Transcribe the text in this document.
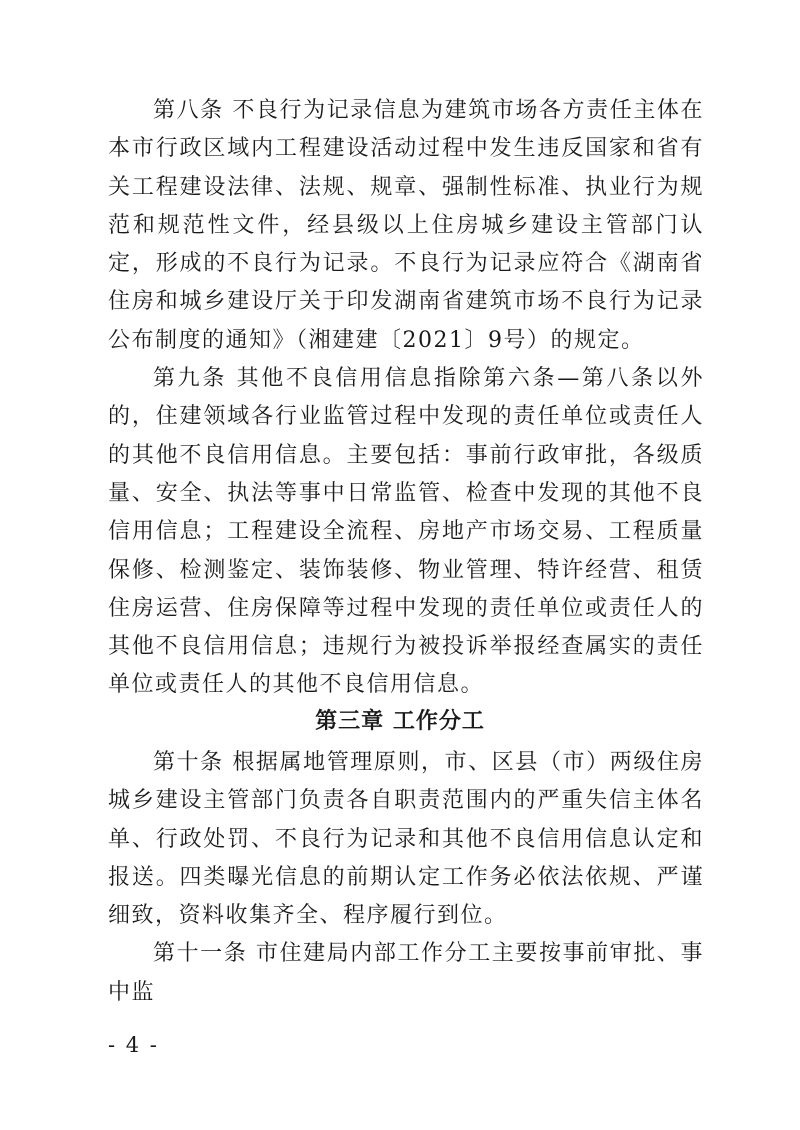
第八条 不良行为记录信息为建筑市场各方责任主体在本市行政区域内工程建设活动过程中发生违反国家和省有关工程建设法律、法规、规章、强制性标准、执业行为规范和规范性文件，经县级以上住房城乡建设主管部门认定，形成的不良行为记录。不良行为记录应符合《湖南省住房和城乡建设厅关于印发湖南省建筑市场不良行为记录公布制度的通知》（湘建建〔2021〕9号）的规定。

第九条 其他不良信用信息指除第六条—第八条以外的，住建领域各行业监管过程中发现的责任单位或责任人的其他不良信用信息。主要包括：事前行政审批，各级质量、安全、执法等事中日常监管、检查中发现的其他不良信用信息；工程建设全流程、房地产市场交易、工程质量保修、检测鉴定、装饰装修、物业管理、特许经营、租赁住房运营、住房保障等过程中发现的责任单位或责任人的其他不良信用信息；违规行为被投诉举报经查属实的责任单位或责任人的其他不良信用信息。

第三章 工作分工

第十条 根据属地管理原则，市、区县（市）两级住房城乡建设主管部门负责各自职责范围内的严重失信主体名单、行政处罚、不良行为记录和其他不良信用信息认定和报送。四类曝光信息的前期认定工作务必依法依规、严谨细致，资料收集齐全、程序履行到位。

第十一条 市住建局内部工作分工主要按事前审批、事中监

- 4 -
